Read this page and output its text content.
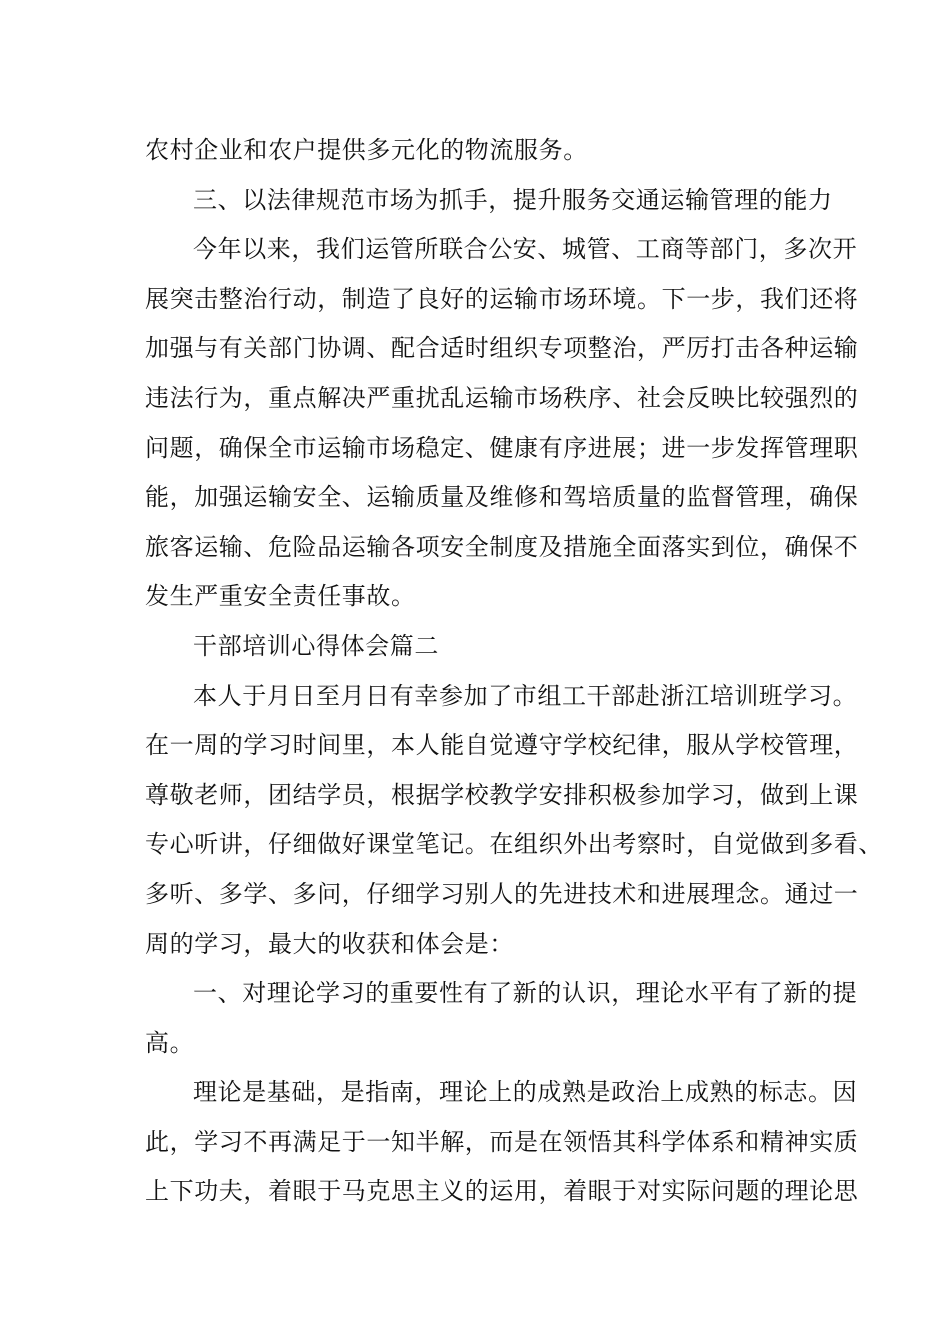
农村企业和农户提供多元化的物流服务。
三、以法律规范市场为抓手，提升服务交通运输管理的能力
今年以来，我们运管所联合公安、城管、工商等部门，多次开
展突击整治行动，制造了良好的运输市场环境。下一步，我们还将
加强与有关部门协调、配合适时组织专项整治，严厉打击各种运输
违法行为，重点解决严重扰乱运输市场秩序、社会反映比较强烈的
问题，确保全市运输市场稳定、健康有序进展；进一步发挥管理职
能，加强运输安全、运输质量及维修和驾培质量的监督管理，确保
旅客运输、危险品运输各项安全制度及措施全面落实到位，确保不
发生严重安全责任事故。
干部培训心得体会篇二
本人于月日至月日有幸参加了市组工干部赴浙江培训班学习。
在一周的学习时间里，本人能自觉遵守学校纪律，服从学校管理，
尊敬老师，团结学员，根据学校教学安排积极参加学习，做到上课
专心听讲，仔细做好课堂笔记。在组织外出考察时，自觉做到多看、
多听、多学、多问，仔细学习别人的先进技术和进展理念。通过一
周的学习，最大的收获和体会是：
一、对理论学习的重要性有了新的认识，理论水平有了新的提
高。
理论是基础，是指南，理论上的成熟是政治上成熟的标志。因
此，学习不再满足于一知半解，而是在领悟其科学体系和精神实质
上下功夫，着眼于马克思主义的运用，着眼于对实际问题的理论思
